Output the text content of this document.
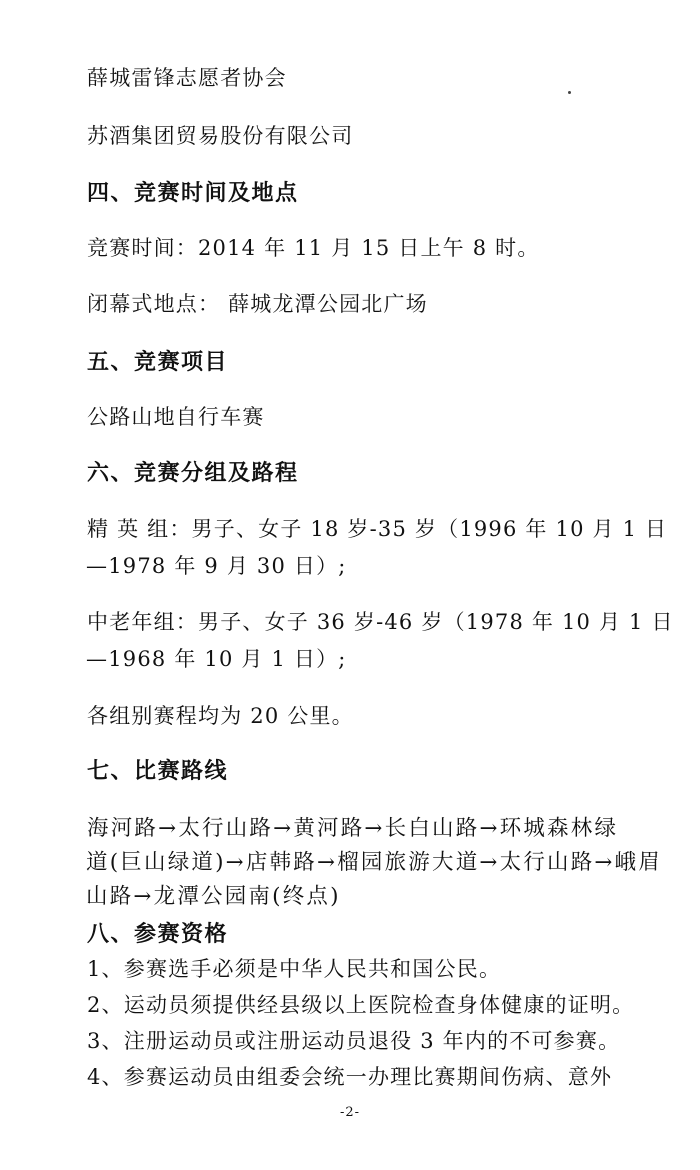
薛城雷锋志愿者协会
苏酒集团贸易股份有限公司
四、竞赛时间及地点
竞赛时间：2014 年 11 月 15 日上午 8 时。
闭幕式地点： 薛城龙潭公园北广场
五、竞赛项目
公路山地自行车赛
六、竞赛分组及路程
精 英 组：男子、女子 18 岁-35 岁（1996 年 10 月 1 日
—1978 年 9 月 30 日）;
中老年组：男子、女子 36 岁-46 岁（1978 年 10 月 1 日
—1968 年 10 月 1 日）;
各组别赛程均为 20 公里。
七、比赛路线
海河路→太行山路→黄河路→长白山路→环城森林绿
道(巨山绿道)→店韩路→榴园旅游大道→太行山路→峨眉
山路→龙潭公园南(终点)
八、参赛资格
1、参赛选手必须是中华人民共和国公民。
2、运动员须提供经县级以上医院检查身体健康的证明。
3、注册运动员或注册运动员退役 3 年内的不可参赛。
4、参赛运动员由组委会统一办理比赛期间伤病、意外
-2-
